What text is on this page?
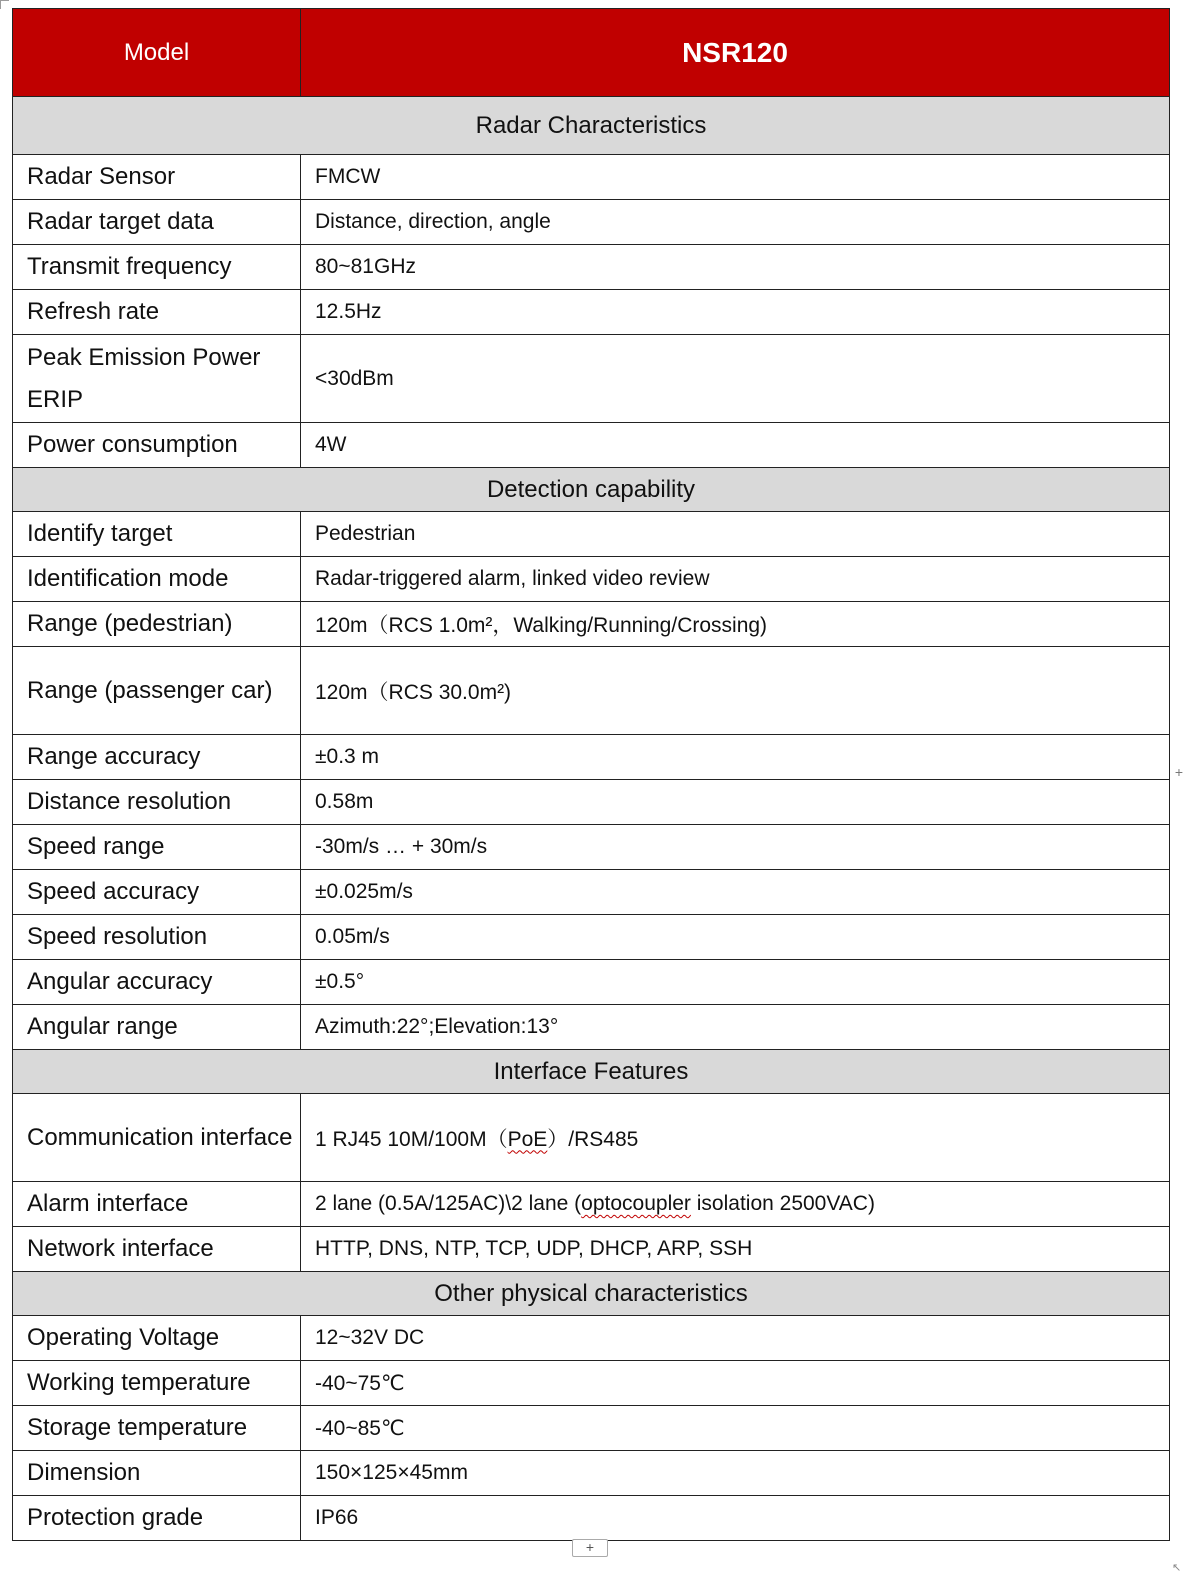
Model	NSR120
Radar Characteristics	
Radar Sensor	FMCW
Radar target data	Distance, direction, angle
Transmit frequency	80~81GHz
Refresh rate	12.5Hz
Peak Emission Power ERIP	<30dBm
Power consumption	4W
Detection capability	
Identify target	Pedestrian
Identification mode	Radar-triggered alarm, linked video review
Range (pedestrian)	120m（RCS 1.0m²，Walking/Running/Crossing)
Range (passenger car)	120m（RCS 30.0m²)
Range accuracy	±0.3 m
Distance resolution	0.58m
Speed range	-30m/s … + 30m/s
Speed accuracy	±0.025m/s
Speed resolution	0.05m/s
Angular accuracy	±0.5°
Angular range	Azimuth:22°;Elevation:13°
Interface Features	
Communication interface	1 RJ45 10M/100M（PoE）/RS485
Alarm interface	2 lane (0.5A/125AC)\2 lane (optocoupler isolation 2500VAC)
Network interface	HTTP, DNS, NTP, TCP, UDP, DHCP, ARP, SSH
Other physical characteristics	
Operating Voltage	12~32V DC
Working temperature	-40~75℃
Storage temperature	-40~85℃
Dimension	150×125×45mm
Protection grade	IP66
+
+
↖
